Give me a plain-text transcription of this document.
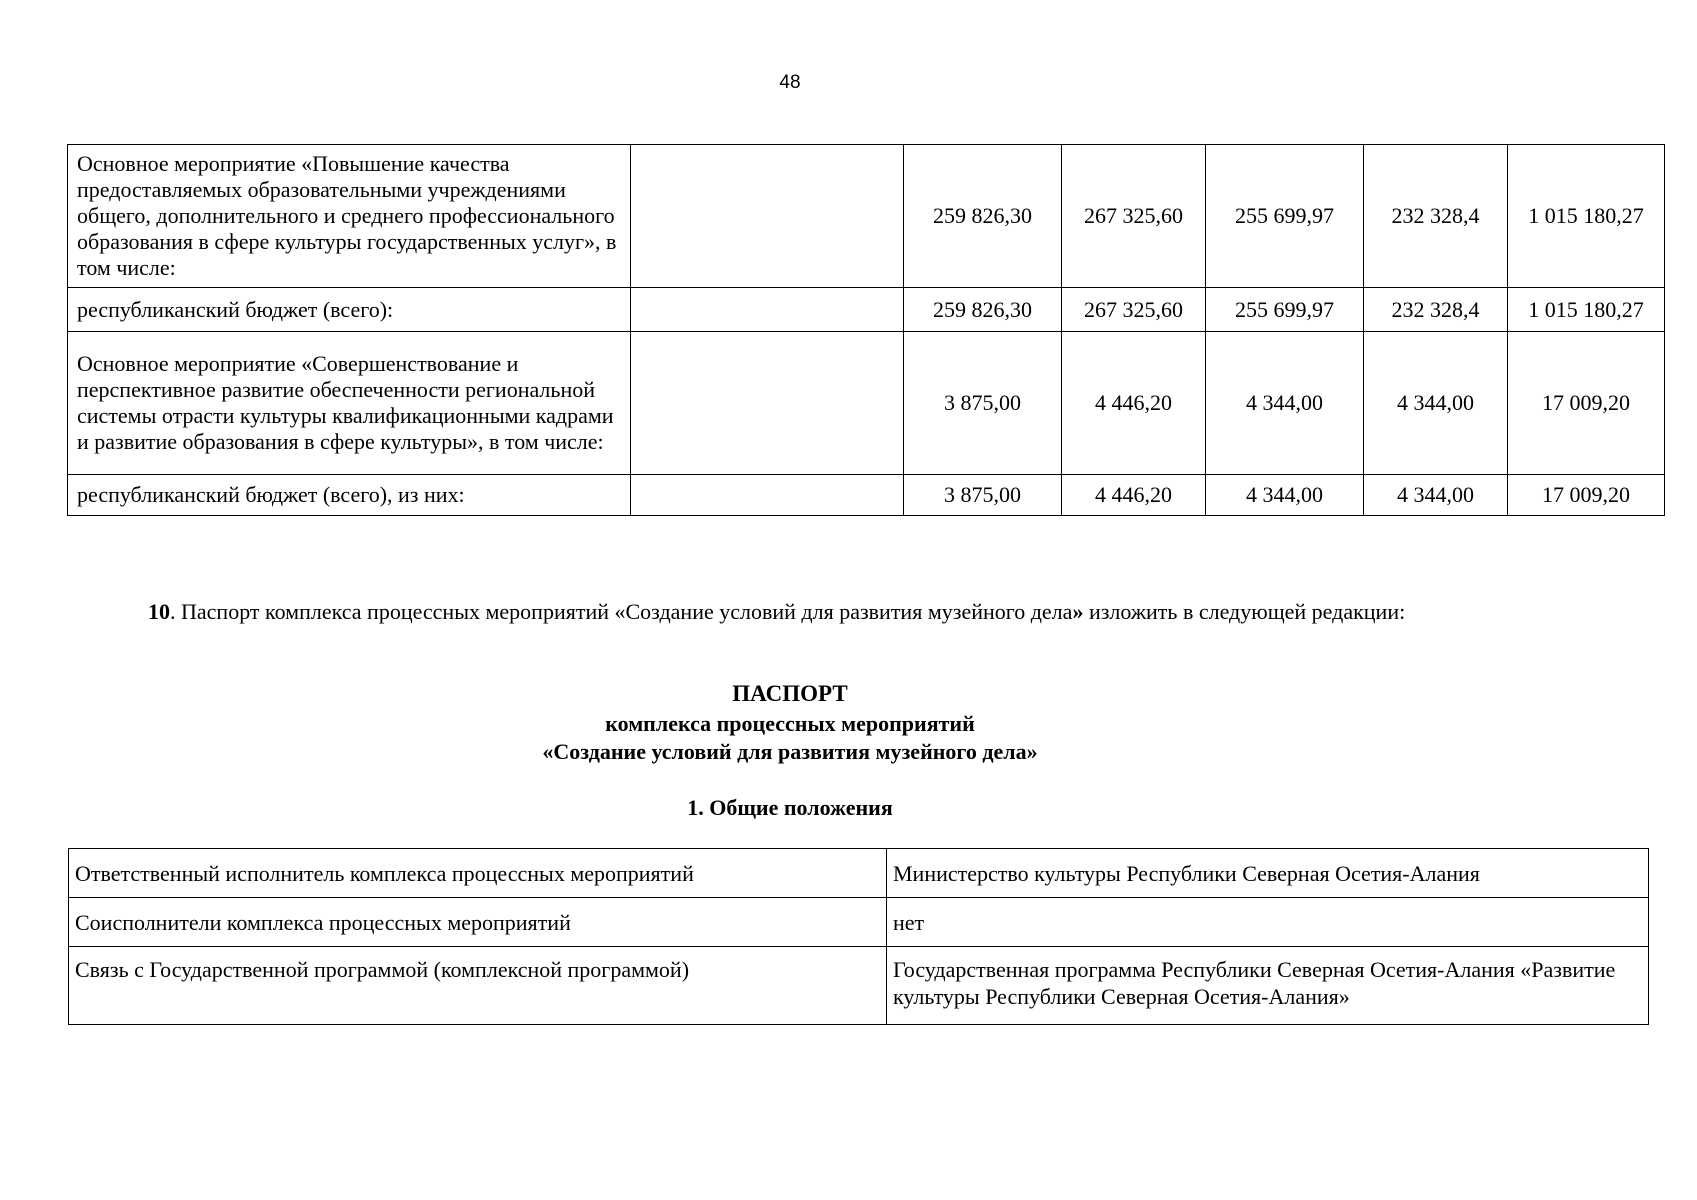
48
Основное мероприятие «Повышение качества предоставляемых образовательными учреждениями общего, дополнительного и среднего профессионального образования в сфере культуры государственных услуг», в том числе:		259 826,30	267 325,60	255 699,97	232 328,4	1 015 180,27
республиканский бюджет (всего):		259 826,30	267 325,60	255 699,97	232 328,4	1 015 180,27
Основное мероприятие «Совершенствование и перспективное развитие обеспеченности региональной системы отрасти культуры квалификационными кадрами и развитие образования в сфере культуры», в том числе:		3 875,00	4 446,20	4 344,00	4 344,00	17 009,20
республиканский бюджет (всего), из них:		3 875,00	4 446,20	4 344,00	4 344,00	17 009,20
10. Паспорт комплекса процессных мероприятий «Создание условий для развития музейного дела» изложить в следующей редакции:
ПАСПОРТ
комплекса процессных мероприятий
«Создание условий для развития музейного дела»
1. Общие положения
Ответственный исполнитель комплекса процессных мероприятий	Министерство культуры Республики Северная Осетия-Алания
Соисполнители комплекса процессных мероприятий	нет
Связь с Государственной программой (комплексной программой)	Государственная программа Республики Северная Осетия-Алания «Развитие культуры Республики Северная Осетия-Алания»
